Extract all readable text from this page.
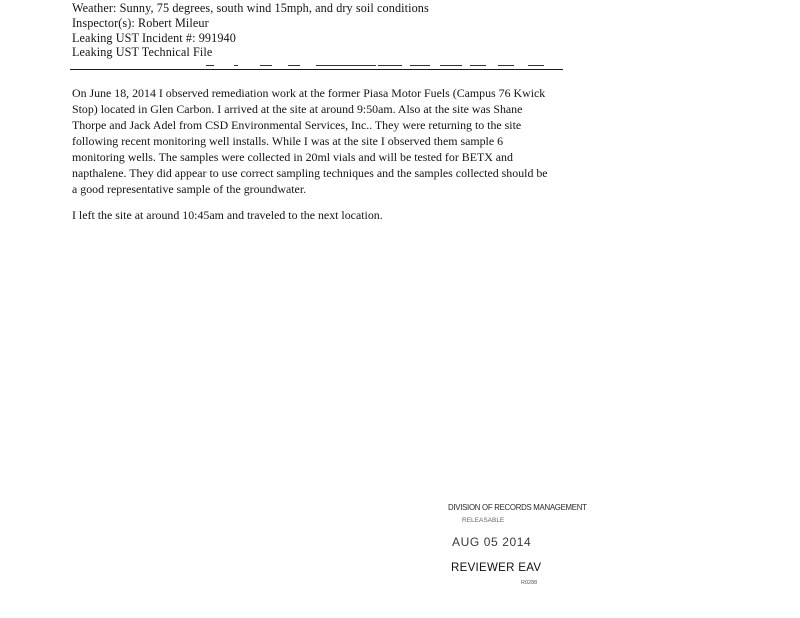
Weather: Sunny, 75 degrees, south wind 15mph, and dry soil conditions
Inspector(s): Robert Mileur
Leaking UST Incident #: 991940
Leaking UST Technical File
On June 18, 2014 I observed remediation work at the former Piasa Motor Fuels (Campus 76 Kwick Stop) located in Glen Carbon. I arrived at the site at around 9:50am. Also at the site was Shane Thorpe and Jack Adel from CSD Environmental Services, Inc.. They were returning to the site following recent monitoring well installs. While I was at the site I observed them sample 6 monitoring wells. The samples were collected in 20ml vials and will be tested for BETX and napthalene. They did appear to use correct sampling techniques and the samples collected should be a good representative sample of the groundwater.
I left the site at around 10:45am and traveled to the next location.
DIVISION OF RECORDS MANAGEMENT
RELEASABLE
AUG 05 2014
REVIEWER EAV
R0288
